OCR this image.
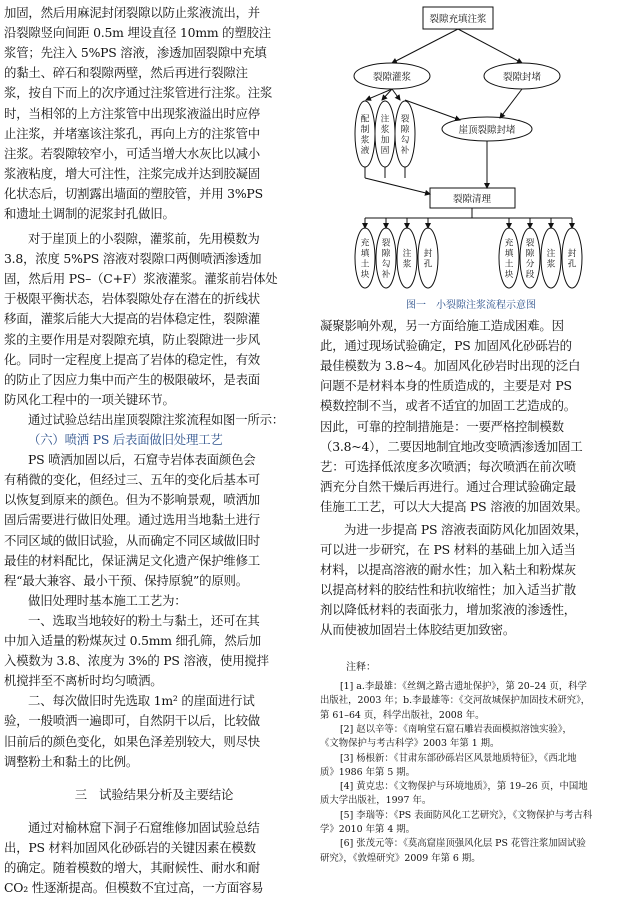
加固，然后用麻泥封闭裂隙以防止浆液流出，并
沿裂隙竖向间距 0.5m 埋设直径 10mm 的塑胶注
浆管；先注入 5%PS 溶液，渗透加固裂隙中充填
的黏土、碎石和裂隙两壁，然后再进行裂隙注
浆，按自下而上的次序通过注浆管进行注浆。注浆
时，当相邻的上方注浆管中出现浆液溢出时应停
止注浆，并堵塞该注浆孔，再向上方的注浆管中
注浆。若裂隙较窄小，可适当增大水灰比以减小
浆液粘度，增大可注性，注浆完成并达到胶凝固
化状态后，切割露出墙面的塑胶管，并用 3%PS
和遗址土调制的泥浆封孔做旧。
对于崖顶上的小裂隙，灌浆前，先用模数为
3.8，浓度 5%PS 溶液对裂隙口两侧喷洒渗透加
固，然后用 PS–（C+F）浆液灌浆。灌浆前岩体处
于极限平衡状态，岩体裂隙处存在潜在的折线状
移面，灌浆后能大大提高的岩体稳定性，裂隙灌
浆的主要作用是对裂隙充填，防止裂隙进一步风
化。同时一定程度上提高了岩体的稳定性，有效
的防止了因应力集中而产生的极限破坏，是表面
防风化工程中的一项关键环节。
通过试验总结出崖顶裂隙注浆流程如图一所示：
（六）喷洒 PS 后表面做旧处理工艺
PS 喷洒加固以后，石窟寺岩体表面颜色会
有稍微的变化，但经过三、五年的变化后基本可
以恢复到原来的颜色。但为不影响景观，喷洒加
固后需要进行做旧处理。通过选用当地黏土进行
不同区域的做旧试验，从而确定不同区域做旧时
最佳的材料配比，保证满足文化遗产保护维修工
程“最大兼容、最小干预、保持原貌”的原则。
做旧处理时基本施工工艺为：
一、选取当地较好的粉土与黏土，还可在其
中加入适量的粉煤灰过 0.5mm 细孔筛，然后加
入模数为 3.8、浓度为 3%的 PS 溶液，使用搅拌
机搅拌至不离析时均匀喷洒。
二、每次做旧时先选取 1m² 的崖面进行试
验，一般喷洒一遍即可，自然阴干以后，比较做
旧前后的颜色变化，如果色泽差别较大，则尽快
调整粉土和黏土的比例。
三　试验结果分析及主要结论
通过对榆林窟下洞子石窟维修加固试验总结
出，PS 材料加固风化砂砾岩的关键因素在模数
的确定。随着模数的增大，其耐候性、耐水和耐
CO₂ 性逐渐提高。但模数不宜过高，一方面容易
裂隙充填注浆
裂隙灌浆	裂隙封堵
崖顶裂隙封堵
裂隙清理
配制浆液
注浆加固
裂隙勾补
充填土块
裂隙勾补
注浆
封孔
充填土块
裂隙分段
注浆
封孔
图一　小裂隙注浆流程示意图
凝聚影响外观，另一方面给施工造成困难。因
此，通过现场试验确定，PS 加固风化砂砾岩的
最佳模数为 3.8~4。加固风化砂岩时出现的泛白
问题不是材料本身的性质造成的，主要是对 PS
模数控制不当，或者不适宜的加固工艺造成的。
因此，可靠的控制措施是：一要严格控制模数
（3.8~4），二要因地制宜地改变喷洒渗透加固工
艺：可选择低浓度多次喷洒；每次喷洒在前次喷
洒充分自然干燥后再进行。通过合理试验确定最
佳施工工艺，可以大大提高 PS 溶液的加固效果。
为进一步提高 PS 溶液表面防风化加固效果，
可以进一步研究，在 PS 材料的基础上加入适当
材料，以提高溶液的耐水性；加入粘土和粉煤灰
以提高材料的胶结性和抗收缩性；加入适当扩散
剂以降低材料的表面张力，增加浆液的渗透性，
从而使被加固岩土体胶结更加致密。
注释：
[1] a.李最雄：《丝绸之路古遗址保护》，第 20–24 页，科学
出版社，2003 年；b.李最雄等：《交河故城保护加固技术研究》，
第 61–64 页，科学出版社，2008 年。
[2] 赵以辛等：《南响堂石窟石雕岩表面模拟溶蚀实验》，
《文物保护与考古科学》2003 年第 1 期。
[3] 杨根新：《甘肃东部砂砾岩区风景地质特征》，《西北地
质》1986 年第 5 期。
[4] 黄克忠：《文物保护与环境地质》，第 19–26 页，中国地
质大学出版社，1997 年。
[5] 李瑞等：《PS 表面防风化工艺研究》，《文物保护与考古科
学》2010 年第 4 期。
[6] 张茂元等：《莫高窟崖顶强风化层 PS 花管注浆加固试验
研究》，《敦煌研究》2009 年第 6 期。
